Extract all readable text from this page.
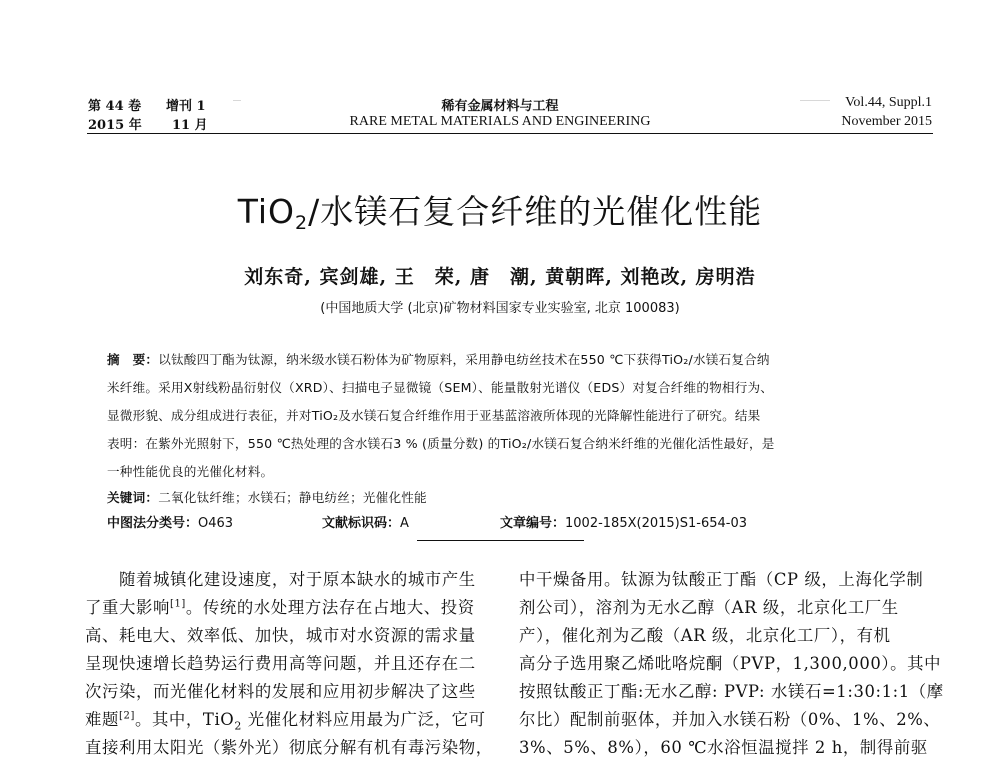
第 44 卷
2015 年
增刊 1
11 月
稀有金属材料与工程
RARE METAL MATERIALS AND ENGINEERING
Vol.44, Suppl.1
November 2015
TiO$_2$/水镁石复合纤维的光催化性能
刘东奇, 宾剑雄, 王　荣, 唐　潮, 黄朝晖, 刘艳改, 房明浩
(中国地质大学 (北京)矿物材料国家专业实验室, 北京 100083)
摘　要：以钛酸四丁酯为钛源，纳米级水镁石粉体为矿物原料，采用静电纺丝技术在550 ℃下获得TiO₂/水镁石复合纳
米纤维。采用X射线粉晶衍射仪（XRD）、扫描电子显微镜（SEM）、能量散射光谱仪（EDS）对复合纤维的物相行为、
显微形貌、成分组成进行表征，并对TiO₂及水镁石复合纤维作用于亚基蓝溶液所体现的光降解性能进行了研究。结果
表明：在紫外光照射下，550 ℃热处理的含水镁石3 % (质量分数) 的TiO₂/水镁石复合纳米纤维的光催化活性最好，是
一种性能优良的光催化材料。
关键词：二氧化钛纤维；水镁石；静电纺丝；光催化性能
中图法分类号：O463	文献标识码：A	文章编号：1002-185X(2015)S1-654-03
　　随着城镇化建设速度，对于原本缺水的城市产生
了重大影响[1]。传统的水处理方法存在占地大、投资
高、耗电大、效率低、加快，城市对水资源的需求量
呈现快速增长趋势运行费用高等问题，并且还存在二
次污染，而光催化材料的发展和应用初步解决了这些
难题[2]。其中，TiO$_2$ 光催化材料应用最为广泛，它可
直接利用太阳光（紫外光）彻底分解有机有毒污染物，
中干燥备用。钛源为钛酸正丁酯（CP 级，上海化学制
剂公司），溶剂为无水乙醇（AR 级，北京化工厂生
产），催化剂为乙酸（AR 级，北京化工厂），有机
高分子选用聚乙烯吡咯烷酮（PVP，1,300,000）。其中
按照钛酸正丁酯:无水乙醇: PVP: 水镁石=1:30:1:1（摩
尔比）配制前驱体，并加入水镁石粉（0%、1%、2%、
3%、5%、8%），60 ℃水浴恒温搅拌 2 h，制得前驱
